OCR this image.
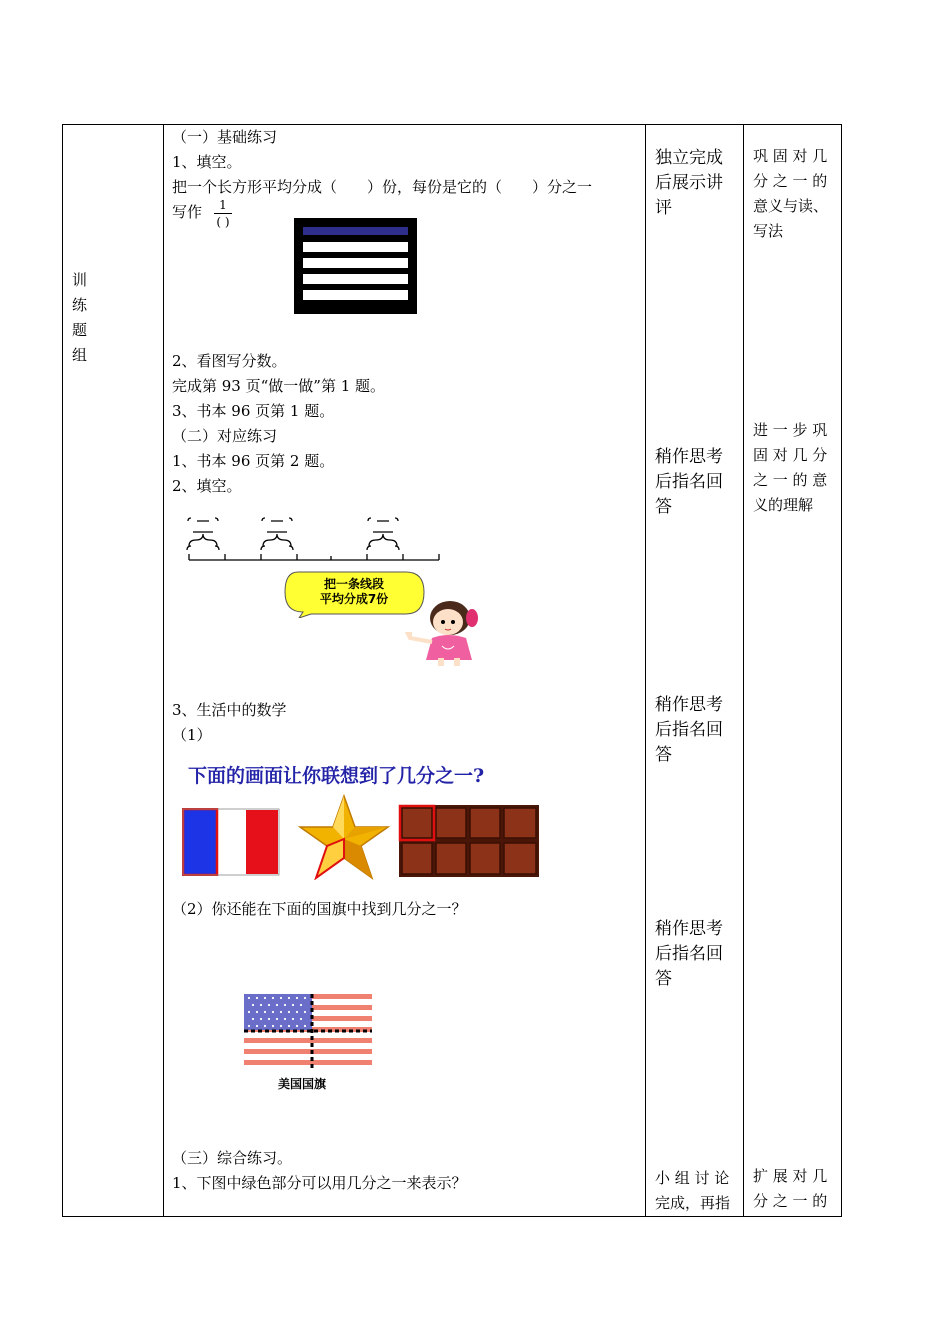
训
练
题
组
（一）基础练习
1、填空。
把一个长方形平均分成（　　）份，每份是它的（　　）分之一
写作	1
( )
2、看图写分数。
完成第 93 页“做一做”第 1 题。
3、书本 96 页第 1 题。
（二）对应练习
1、书本 96 页第 2 题。
2、填空。
把一条线段
平均分成7份
3、生活中的数学
（1）
下面的画面让你联想到了几分之一?
（2）你还能在下面的国旗中找到几分之一？
美国国旗
（三）综合练习。
1、下图中绿色部分可以用几分之一来表示？
独立完成
后展示讲
评
稍作思考
后指名回
答
稍作思考
后指名回
答
稍作思考
后指名回
答
小 组 讨 论
完成，再指
巩 固 对 几
分 之 一 的
意义与读、
写法
进 一 步 巩
固 对 几 分
之 一 的 意
义的理解
扩 展 对 几
分 之 一 的
